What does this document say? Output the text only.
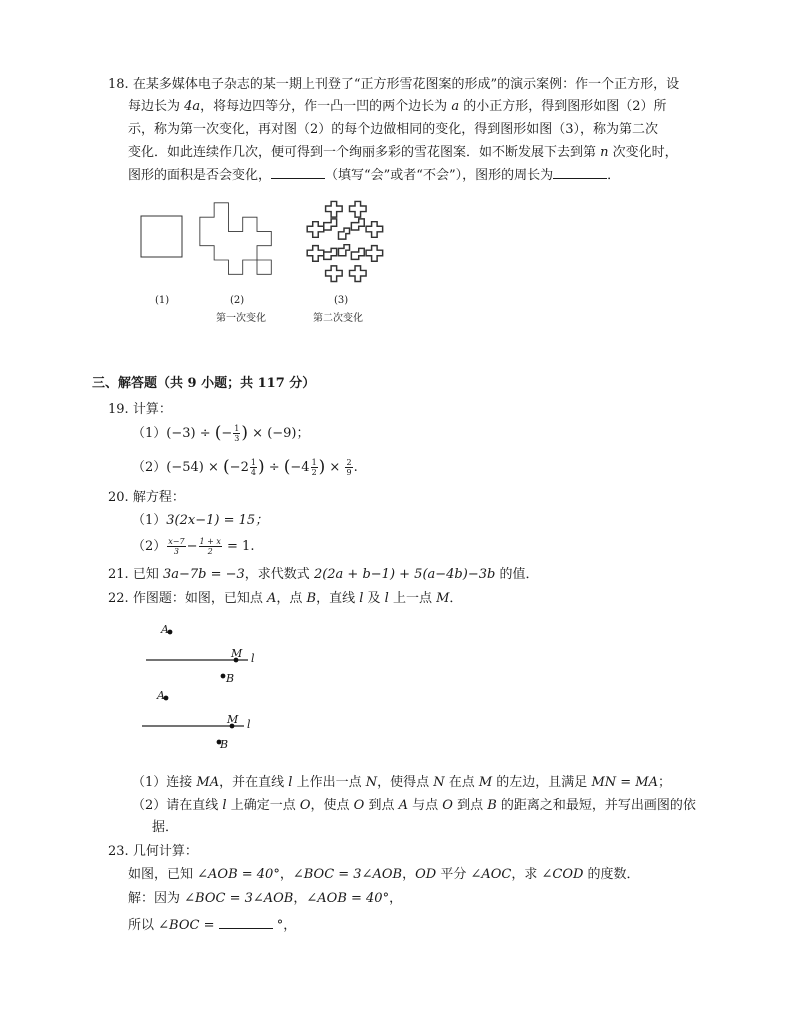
18. 在某多媒体电子杂志的某一期上刊登了“正方形雪花图案的形成”的演示案例：作一个正方形，设
每边长为 4a，将每边四等分，作一凸一凹的两个边长为 a 的小正方形，得到图形如图（2）所
示，称为第一次变化，再对图（2）的每个边做相同的变化，得到图形如图（3），称为第二次
变化．如此连续作几次，便可得到一个绚丽多彩的雪花图案．如不断发展下去到第 n 次变化时，
图形的面积是否会变化，	（填写“会”或者“不会”），图形的周长为	．
(1)	(2)	(3)
第一次变化	第二次变化
三、解答题（共 9 小题；共 117 分）
19. 计算：
（1）(−3) ÷ (− $\frac{1}{3}$ ) × (−9)；
$(2)(-54) \times (-2 \frac{1}{4}$ ) ÷ ($-4 \frac{1}{2}$ ) × $\frac{2}{9}$ .
20. 解方程：
（1）3(2x−1) = 15；
$(2) \frac{x-7}{3} - \frac{1 + x}{2} = 1$.
21. 已知 3a−7b = −3，求代数式 2(2a + b−1) + 5(a−4b)−3b 的值．
22. 作图题：如图，已知点 A，点 B，直线 l 及 l 上一点 M．
A
M l
B
A
M l
B
（1）连接 MA，并在直线 l 上作出一点 N，使得点 N 在点 M 的左边，且满足 MN = MA；
（2）请在直线 l 上确定一点 O，使点 O 到点 A 与点 O 到点 B 的距离之和最短，并写出画图的依
据．
23. 几何计算：
如图，已知 ∠AOB = 40°，∠BOC = 3∠AOB，OD 平分 ∠AOC，求 ∠COD 的度数．
解：因为 ∠BOC = 3∠AOB，∠AOB = 40°，
所以 ∠BOC =	°，
